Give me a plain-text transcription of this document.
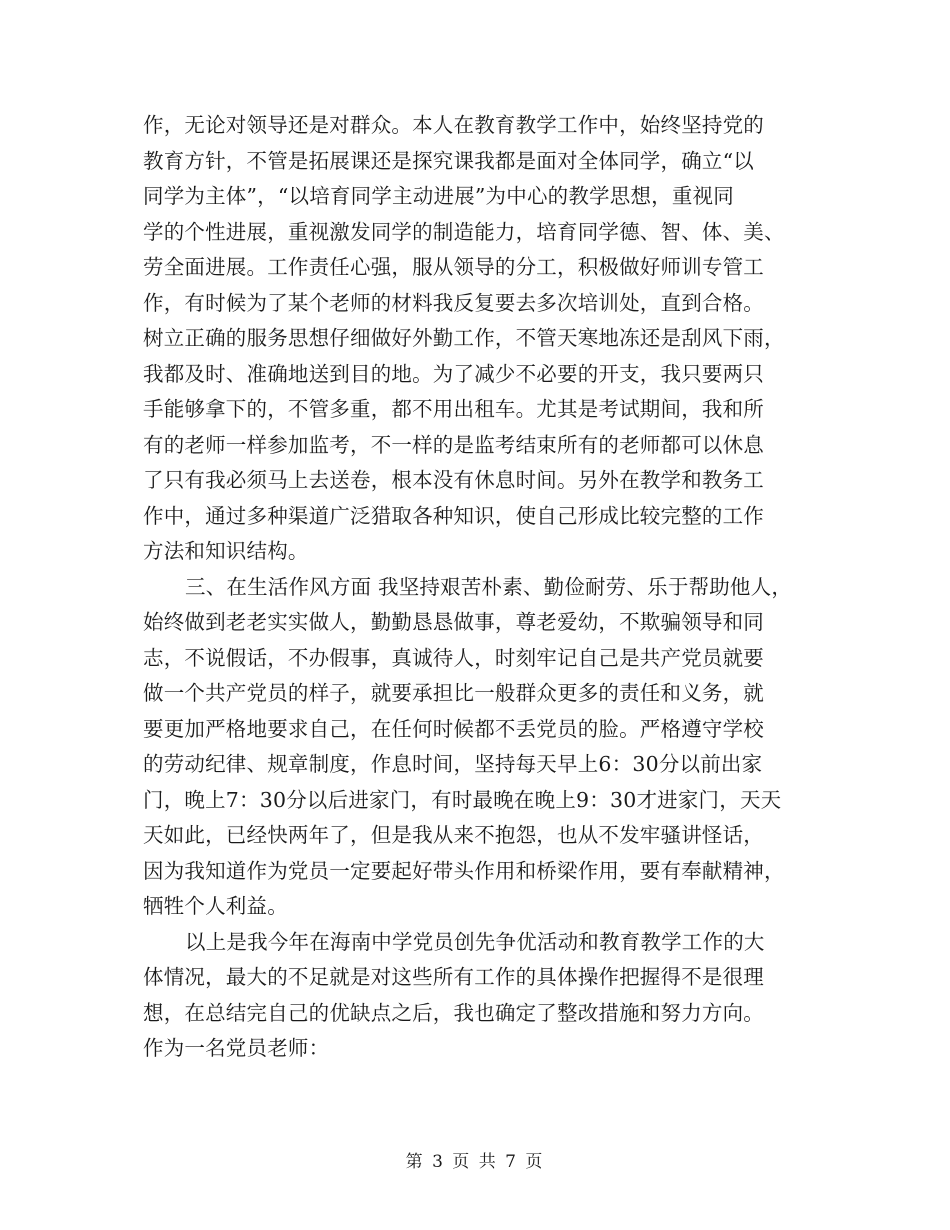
作，无论对领导还是对群众。本人在教育教学工作中，始终坚持党的
教育方针，不管是拓展课还是探究课我都是面对全体同学，确立“以
同学为主体”，“以培育同学主动进展”为中心的教学思想，重视同
学的个性进展，重视激发同学的制造能力，培育同学德、智、体、美、
劳全面进展。工作责任心强，服从领导的分工，积极做好师训专管工
作，有时候为了某个老师的材料我反复要去多次培训处，直到合格。
树立正确的服务思想仔细做好外勤工作，不管天寒地冻还是刮风下雨，
我都及时、准确地送到目的地。为了减少不必要的开支，我只要两只
手能够拿下的，不管多重，都不用出租车。尤其是考试期间，我和所
有的老师一样参加监考，不一样的是监考结束所有的老师都可以休息
了只有我必须马上去送卷，根本没有休息时间。另外在教学和教务工
作中，通过多种渠道广泛猎取各种知识，使自己形成比较完整的工作
方法和知识结构。
三、在生活作风方面 我坚持艰苦朴素、勤俭耐劳、乐于帮助他人，
始终做到老老实实做人，勤勤恳恳做事，尊老爱幼，不欺骗领导和同
志，不说假话，不办假事，真诚待人，时刻牢记自己是共产党员就要
做一个共产党员的样子，就要承担比一般群众更多的责任和义务，就
要更加严格地要求自己，在任何时候都不丢党员的脸。严格遵守学校
的劳动纪律、规章制度，作息时间，坚持每天早上6：30分以前出家
门，晚上7：30分以后进家门，有时最晚在晚上9：30才进家门，天天
天如此，已经快两年了，但是我从来不抱怨，也从不发牢骚讲怪话，
因为我知道作为党员一定要起好带头作用和桥梁作用，要有奉献精神，
牺牲个人利益。
以上是我今年在海南中学党员创先争优活动和教育教学工作的大
体情况，最大的不足就是对这些所有工作的具体操作把握得不是很理
想，在总结完自己的优缺点之后，我也确定了整改措施和努力方向。
作为一名党员老师：
第 3 页 共 7 页
